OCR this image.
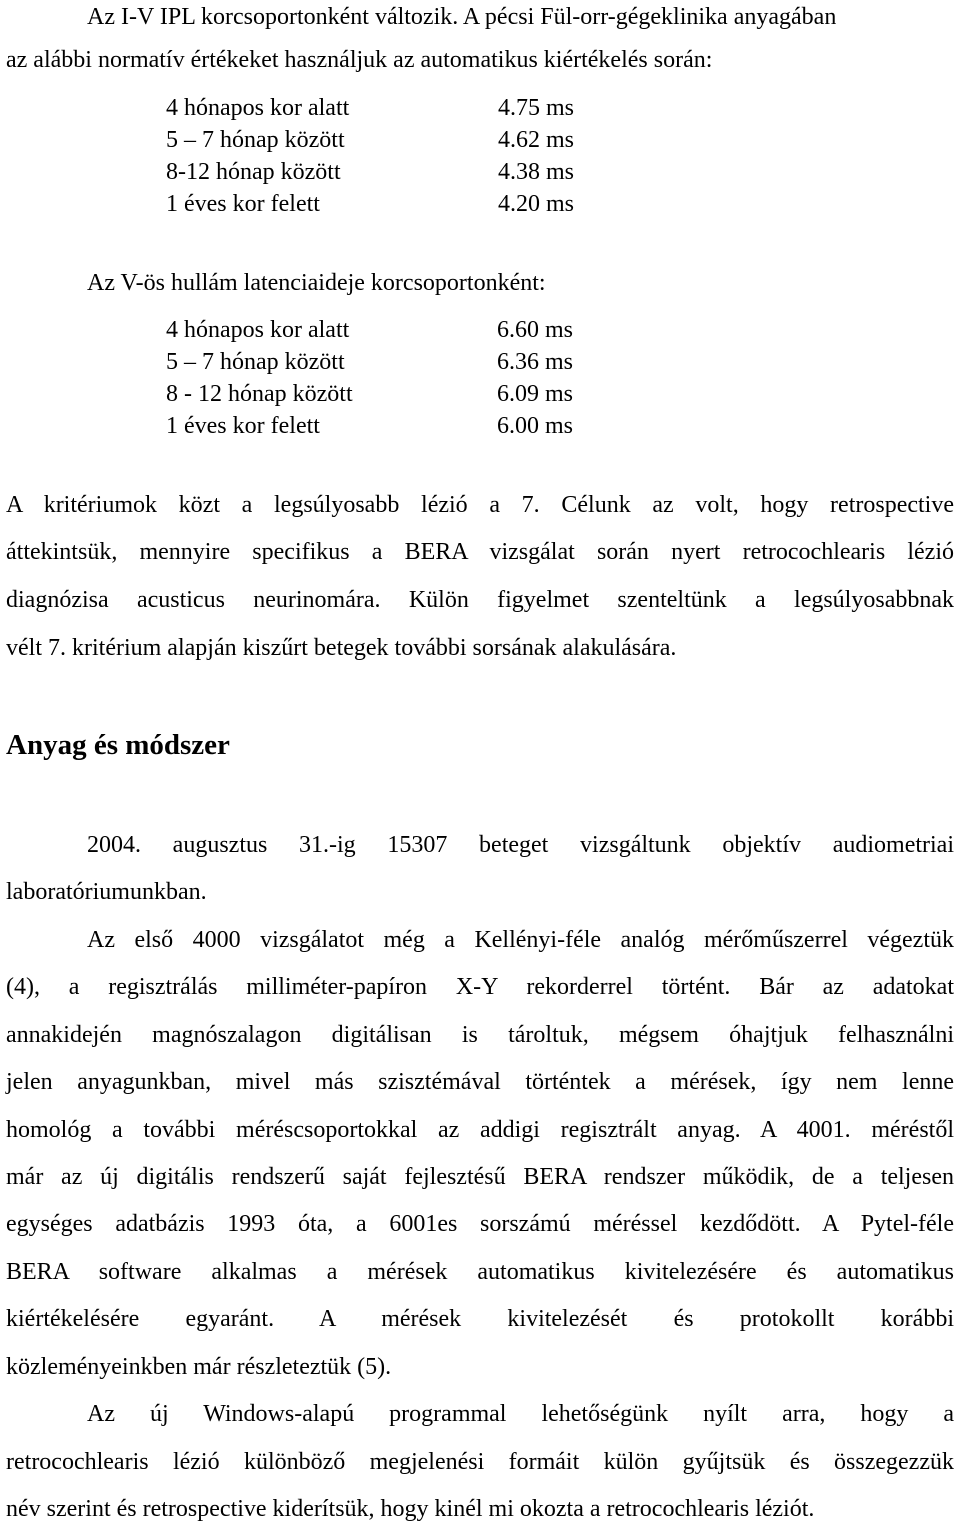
Az I-V IPL korcsoportonként változik. A pécsi Fül-orr-gégeklinika anyagában
az alábbi normatív értékeket használjuk az automatikus kiértékelés során:
4 hónapos kor alatt	4.75 ms
5 – 7 hónap között	4.62 ms
8-12 hónap között	4.38 ms
1 éves kor felett	4.20 ms
Az V-ös hullám latenciaideje korcsoportonként:
4 hónapos kor alatt	6.60 ms
5 – 7 hónap között	6.36 ms
8 - 12 hónap között	6.09 ms
1 éves kor felett	6.00 ms
A kritériumok közt a legsúlyosabb lézió a 7. Célunk az volt, hogy retrospective
áttekintsük, mennyire specifikus a BERA vizsgálat során nyert retrocochlearis lézió
diagnózisa acusticus neurinomára. Külön figyelmet szenteltünk a legsúlyosabbnak
vélt 7. kritérium alapján kiszűrt betegek további sorsának alakulására.
Anyag és módszer
2004. augusztus 31.-ig 15307 beteget vizsgáltunk objektív audiometriai
laboratóriumunkban.
Az első 4000 vizsgálatot még a Kellényi-féle analóg mérőműszerrel végeztük
(4), a regisztrálás milliméter-papíron X-Y rekorderrel történt. Bár az adatokat
annakidején magnószalagon digitálisan is tároltuk, mégsem óhajtjuk felhasználni
jelen anyagunkban, mivel más szisztémával történtek a mérések, így nem lenne
homológ a további méréscsoportokkal az addigi regisztrált anyag. A 4001. méréstől
már az új digitális rendszerű saját fejlesztésű BERA rendszer működik, de a teljesen
egységes adatbázis 1993 óta, a 6001es sorszámú méréssel kezdődött. A Pytel-féle
BERA software alkalmas a mérések automatikus kivitelezésére és automatikus
kiértékelésére egyaránt. A mérések kivitelezését és protokollt korábbi
közleményeinkben már részleteztük (5).
Az új Windows-alapú programmal lehetőségünk nyílt arra, hogy a
retrocochlearis lézió különböző megjelenési formáit külön gyűjtsük és összegezzük
név szerint és retrospective kiderítsük, hogy kinél mi okozta a retrocochlearis léziót.
